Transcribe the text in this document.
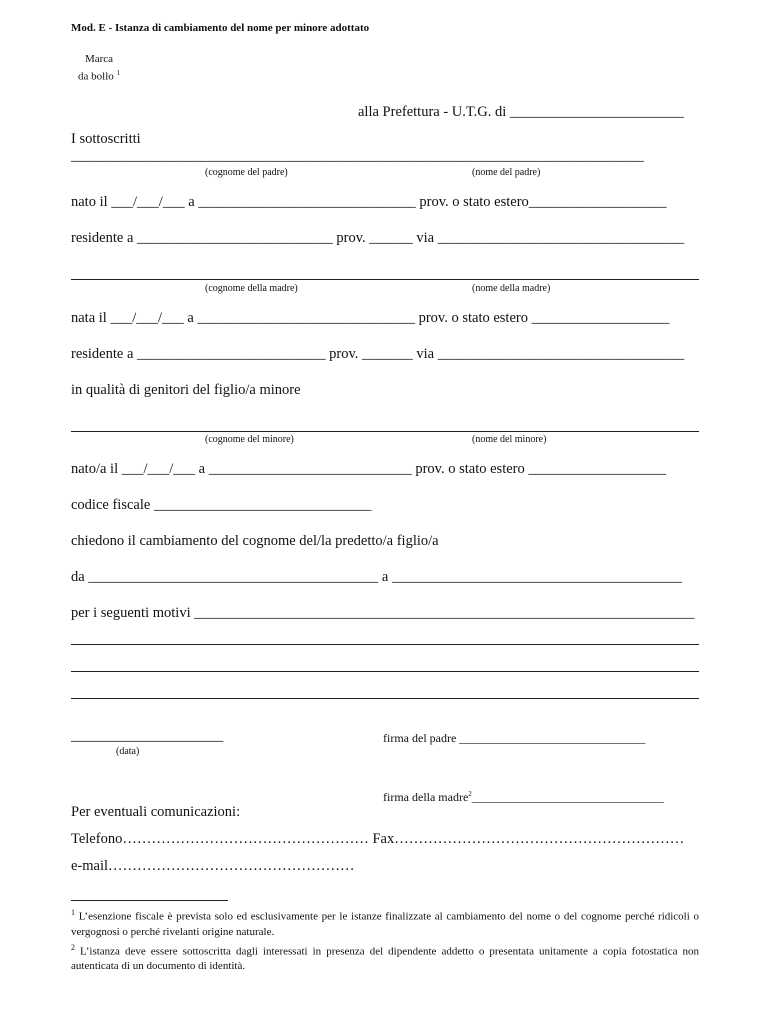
Mod. E - Istanza di cambiamento del nome per minore adottato
Marca
da bollo $^1$
alla Prefettura - U.T.G. di ________________________
I sottoscritti
_______________________________________________________________________________
(cognome del padre)	(nome del padre)
nato il ___/___/___ a ______________________________ prov. o stato estero___________________
residente a ___________________________ prov. ______ via __________________________________
(cognome della madre)	(nome della madre)
nata il ___/___/___ a ______________________________ prov. o stato estero ___________________
residente a __________________________ prov. _______ via __________________________________
in qualità di genitori del figlio/a minore
(cognome del minore)	(nome del minore)
nato/a il ___/___/___ a ____________________________ prov. o stato estero ___________________
codice fiscale ______________________________
chiedono il cambiamento del cognome del/la predetto/a figlio/a
da ________________________________________ a ________________________________________
per i seguenti motivi _____________________________________________________________________
_____________________
(data)
firma del padre _______________________________
firma della madre$^2$________________________________
Per eventuali comunicazioni:
Telefono…………………………………………… Fax……………………………………………………
e-mail……………………………………………

$^1$ L’esenzione fiscale è prevista solo ed esclusivamente per le istanze finalizzate al cambiamento del nome o del cognome perché ridicoli o vergognosi o perché rivelanti origine naturale.

$^2$ L’istanza deve essere sottoscritta dagli interessati in presenza del dipendente addetto o presentata unitamente a copia fotostatica non autenticata di un documento di identità.
